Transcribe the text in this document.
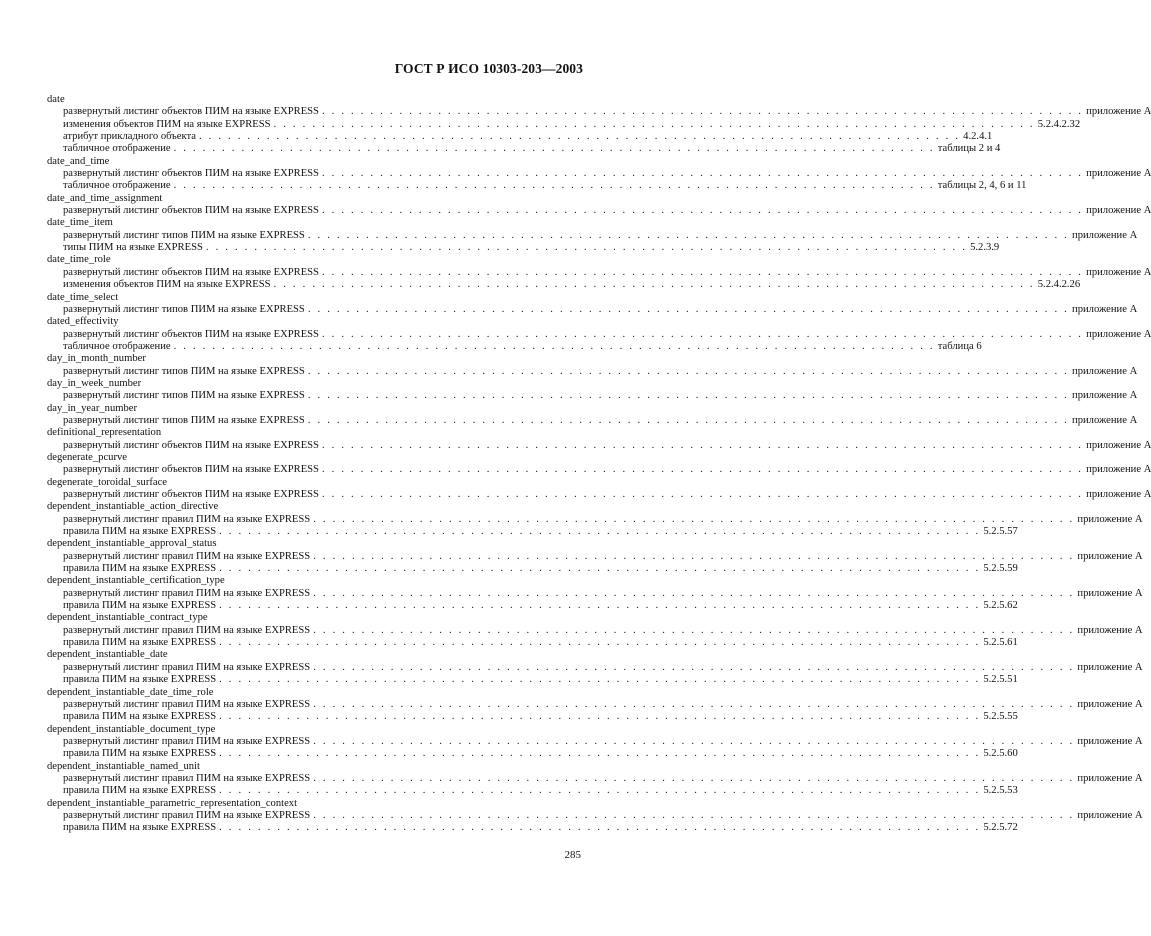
ГОСТ Р ИСО 10303-203—2003
date
развернутый листинг объектов ПИМ на языке EXPRESS . . . . . . . . . . . . . . . . . . . . . . . . . . . . . . . . . . . . . . . . . . . . . . . . . . . . . . . . . . . . . . . . . . . . . . . . . . . . . . . приложение А
изменения объектов ПИМ на языке EXPRESS . . . . . . . . . . . . . . . . . . . . . . . . . . . . . . . . . . . . . . . . . . . . . . . . . . . . . . . . . . . . . . . . . . . . . . . . . . . . . . . 5.2.4.2.32
атрибут прикладного объекта . . . . . . . . . . . . . . . . . . . . . . . . . . . . . . . . . . . . . . . . . . . . . . . . . . . . . . . . . . . . . . . . . . . . . . . . . . . . . . . 4.2.4.1
табличное отображение . . . . . . . . . . . . . . . . . . . . . . . . . . . . . . . . . . . . . . . . . . . . . . . . . . . . . . . . . . . . . . . . . . . . . . . . . . . . . . . таблицы 2 и 4
date_and_time
развернутый листинг объектов ПИМ на языке EXPRESS . . . . . . . . . . . . . . . . . . . . . . . . . . . . . . . . . . . . . . . . . . . . . . . . . . . . . . . . . . . . . . . . . . . . . . . . . . . . . . . приложение А
табличное отображение . . . . . . . . . . . . . . . . . . . . . . . . . . . . . . . . . . . . . . . . . . . . . . . . . . . . . . . . . . . . . . . . . . . . . . . . . . . . . . . таблицы 2, 4, 6 и 11
date_and_time_assignment
развернутый листинг объектов ПИМ на языке EXPRESS . . . . . . . . . . . . . . . . . . . . . . . . . . . . . . . . . . . . . . . . . . . . . . . . . . . . . . . . . . . . . . . . . . . . . . . . . . . . . . . приложение А
date_time_item
развернутый листинг типов ПИМ на языке EXPRESS . . . . . . . . . . . . . . . . . . . . . . . . . . . . . . . . . . . . . . . . . . . . . . . . . . . . . . . . . . . . . . . . . . . . . . . . . . . . . . . приложение А
типы ПИМ на языке EXPRESS . . . . . . . . . . . . . . . . . . . . . . . . . . . . . . . . . . . . . . . . . . . . . . . . . . . . . . . . . . . . . . . . . . . . . . . . . . . . . . . 5.2.3.9
date_time_role
развернутый листинг объектов ПИМ на языке EXPRESS . . . . . . . . . . . . . . . . . . . . . . . . . . . . . . . . . . . . . . . . . . . . . . . . . . . . . . . . . . . . . . . . . . . . . . . . . . . . . . . приложение А
изменения объектов ПИМ на языке EXPRESS . . . . . . . . . . . . . . . . . . . . . . . . . . . . . . . . . . . . . . . . . . . . . . . . . . . . . . . . . . . . . . . . . . . . . . . . . . . . . . . 5.2.4.2.26
date_time_select
развернутый листинг типов ПИМ на языке EXPRESS . . . . . . . . . . . . . . . . . . . . . . . . . . . . . . . . . . . . . . . . . . . . . . . . . . . . . . . . . . . . . . . . . . . . . . . . . . . . . . . приложение А
dated_effectivity
развернутый листинг объектов ПИМ на языке EXPRESS . . . . . . . . . . . . . . . . . . . . . . . . . . . . . . . . . . . . . . . . . . . . . . . . . . . . . . . . . . . . . . . . . . . . . . . . . . . . . . . приложение А
табличное отображение . . . . . . . . . . . . . . . . . . . . . . . . . . . . . . . . . . . . . . . . . . . . . . . . . . . . . . . . . . . . . . . . . . . . . . . . . . . . . . . таблица 6
day_in_month_number
развернутый листинг типов ПИМ на языке EXPRESS . . . . . . . . . . . . . . . . . . . . . . . . . . . . . . . . . . . . . . . . . . . . . . . . . . . . . . . . . . . . . . . . . . . . . . . . . . . . . . . приложение А
day_in_week_number
развернутый листинг типов ПИМ на языке EXPRESS . . . . . . . . . . . . . . . . . . . . . . . . . . . . . . . . . . . . . . . . . . . . . . . . . . . . . . . . . . . . . . . . . . . . . . . . . . . . . . . приложение А
day_in_year_number
развернутый листинг типов ПИМ на языке EXPRESS . . . . . . . . . . . . . . . . . . . . . . . . . . . . . . . . . . . . . . . . . . . . . . . . . . . . . . . . . . . . . . . . . . . . . . . . . . . . . . . приложение А
definitional_representation
развернутый листинг объектов ПИМ на языке EXPRESS . . . . . . . . . . . . . . . . . . . . . . . . . . . . . . . . . . . . . . . . . . . . . . . . . . . . . . . . . . . . . . . . . . . . . . . . . . . . . . . приложение А
degenerate_pcurve
развернутый листинг объектов ПИМ на языке EXPRESS . . . . . . . . . . . . . . . . . . . . . . . . . . . . . . . . . . . . . . . . . . . . . . . . . . . . . . . . . . . . . . . . . . . . . . . . . . . . . . . приложение А
degenerate_toroidal_surface
развернутый листинг объектов ПИМ на языке EXPRESS . . . . . . . . . . . . . . . . . . . . . . . . . . . . . . . . . . . . . . . . . . . . . . . . . . . . . . . . . . . . . . . . . . . . . . . . . . . . . . . приложение А
dependent_instantiable_action_directive
развернутый листинг правил ПИМ на языке EXPRESS . . . . . . . . . . . . . . . . . . . . . . . . . . . . . . . . . . . . . . . . . . . . . . . . . . . . . . . . . . . . . . . . . . . . . . . . . . . . . . . приложение А
правила ПИМ на языке EXPRESS . . . . . . . . . . . . . . . . . . . . . . . . . . . . . . . . . . . . . . . . . . . . . . . . . . . . . . . . . . . . . . . . . . . . . . . . . . . . . . . 5.2.5.57
dependent_instantiable_approval_status
развернутый листинг правил ПИМ на языке EXPRESS . . . . . . . . . . . . . . . . . . . . . . . . . . . . . . . . . . . . . . . . . . . . . . . . . . . . . . . . . . . . . . . . . . . . . . . . . . . . . . . приложение А
правила ПИМ на языке EXPRESS . . . . . . . . . . . . . . . . . . . . . . . . . . . . . . . . . . . . . . . . . . . . . . . . . . . . . . . . . . . . . . . . . . . . . . . . . . . . . . . 5.2.5.59
dependent_instantiable_certification_type
развернутый листинг правил ПИМ на языке EXPRESS . . . . . . . . . . . . . . . . . . . . . . . . . . . . . . . . . . . . . . . . . . . . . . . . . . . . . . . . . . . . . . . . . . . . . . . . . . . . . . . приложение А
правила ПИМ на языке EXPRESS . . . . . . . . . . . . . . . . . . . . . . . . . . . . . . . . . . . . . . . . . . . . . . . . . . . . . . . . . . . . . . . . . . . . . . . . . . . . . . . 5.2.5.62
dependent_instantiable_contract_type
развернутый листинг правил ПИМ на языке EXPRESS . . . . . . . . . . . . . . . . . . . . . . . . . . . . . . . . . . . . . . . . . . . . . . . . . . . . . . . . . . . . . . . . . . . . . . . . . . . . . . . приложение А
правила ПИМ на языке EXPRESS . . . . . . . . . . . . . . . . . . . . . . . . . . . . . . . . . . . . . . . . . . . . . . . . . . . . . . . . . . . . . . . . . . . . . . . . . . . . . . . 5.2.5.61
dependent_instantiable_date
развернутый листинг правил ПИМ на языке EXPRESS . . . . . . . . . . . . . . . . . . . . . . . . . . . . . . . . . . . . . . . . . . . . . . . . . . . . . . . . . . . . . . . . . . . . . . . . . . . . . . . приложение А
правила ПИМ на языке EXPRESS . . . . . . . . . . . . . . . . . . . . . . . . . . . . . . . . . . . . . . . . . . . . . . . . . . . . . . . . . . . . . . . . . . . . . . . . . . . . . . . 5.2.5.51
dependent_instantiable_date_time_role
развернутый листинг правил ПИМ на языке EXPRESS . . . . . . . . . . . . . . . . . . . . . . . . . . . . . . . . . . . . . . . . . . . . . . . . . . . . . . . . . . . . . . . . . . . . . . . . . . . . . . . приложение А
правила ПИМ на языке EXPRESS . . . . . . . . . . . . . . . . . . . . . . . . . . . . . . . . . . . . . . . . . . . . . . . . . . . . . . . . . . . . . . . . . . . . . . . . . . . . . . . 5.2.5.55
dependent_instantiable_document_type
развернутый листинг правил ПИМ на языке EXPRESS . . . . . . . . . . . . . . . . . . . . . . . . . . . . . . . . . . . . . . . . . . . . . . . . . . . . . . . . . . . . . . . . . . . . . . . . . . . . . . . приложение А
правила ПИМ на языке EXPRESS . . . . . . . . . . . . . . . . . . . . . . . . . . . . . . . . . . . . . . . . . . . . . . . . . . . . . . . . . . . . . . . . . . . . . . . . . . . . . . . 5.2.5.60
dependent_instantiable_named_unit
развернутый листинг правил ПИМ на языке EXPRESS . . . . . . . . . . . . . . . . . . . . . . . . . . . . . . . . . . . . . . . . . . . . . . . . . . . . . . . . . . . . . . . . . . . . . . . . . . . . . . . приложение А
правила ПИМ на языке EXPRESS . . . . . . . . . . . . . . . . . . . . . . . . . . . . . . . . . . . . . . . . . . . . . . . . . . . . . . . . . . . . . . . . . . . . . . . . . . . . . . . 5.2.5.53
dependent_instantiable_parametric_representation_context
развернутый листинг правил ПИМ на языке EXPRESS . . . . . . . . . . . . . . . . . . . . . . . . . . . . . . . . . . . . . . . . . . . . . . . . . . . . . . . . . . . . . . . . . . . . . . . . . . . . . . . приложение А
правила ПИМ на языке EXPRESS . . . . . . . . . . . . . . . . . . . . . . . . . . . . . . . . . . . . . . . . . . . . . . . . . . . . . . . . . . . . . . . . . . . . . . . . . . . . . . . 5.2.5.72
285
